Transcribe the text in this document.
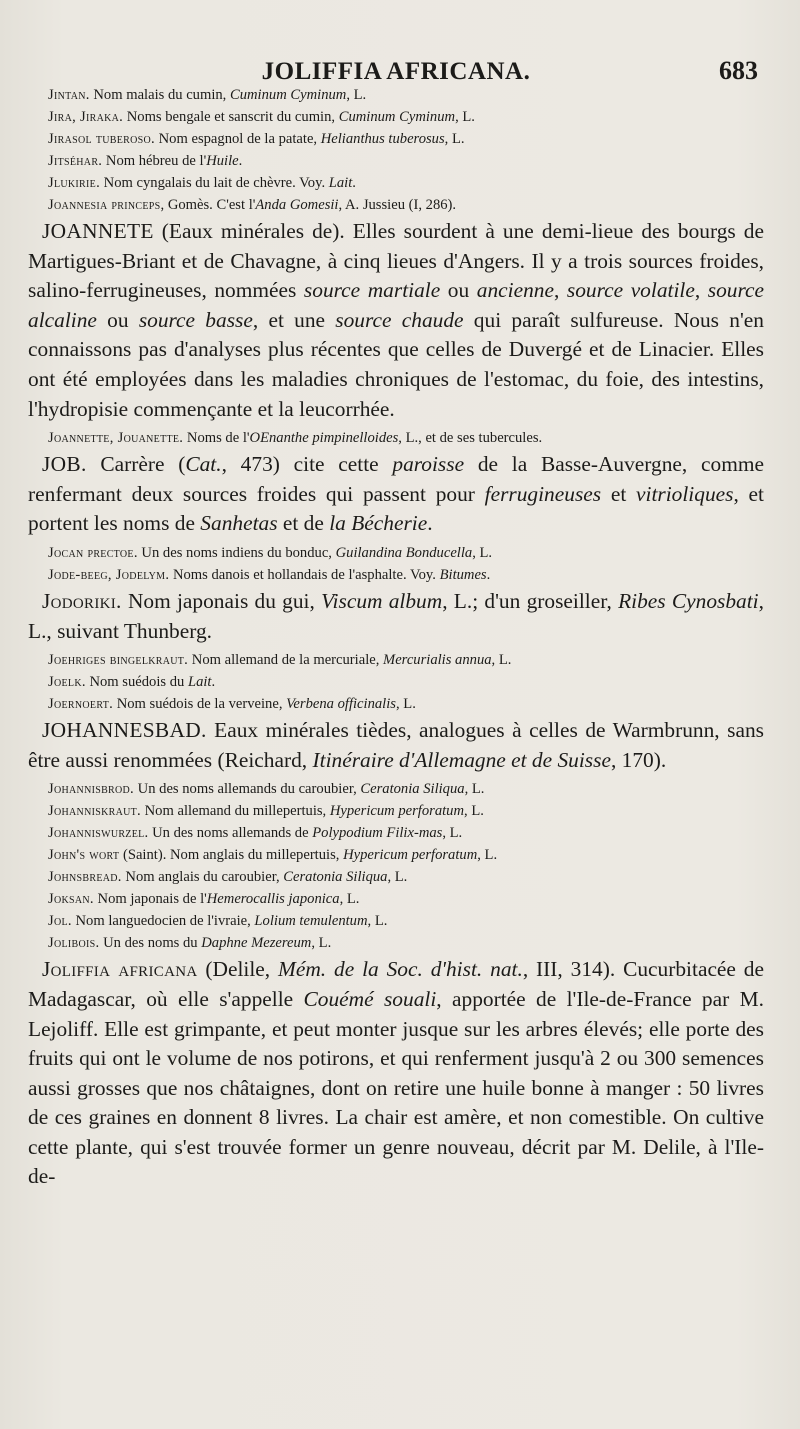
JOLIFFIA AFRICANA.	683
Jintan. Nom malais du cumin, Cuminum Cyminum, L.
Jira, Jiraka. Noms bengale et sanscrit du cumin, Cuminum Cyminum, L.
Jirasol tuberoso. Nom espagnol de la patate, Helianthus tuberosus, L.
Jitséhar. Nom hébreu de l'Huile.
Jlukirie. Nom cyngalais du lait de chèvre. Voy. Lait.
Joannesia princeps, Gomès. C'est l'Anda Gomesii, A. Jussieu (I, 286).
JOANNETE (Eaux minérales de). Elles sourdent à une demi-lieue des bourgs de Martigues-Briant et de Chavagne, à cinq lieues d'Angers. Il y a trois sources froides, salino-ferrugineuses, nommées source martiale ou ancienne, source volatile, source alcaline ou source basse, et une source chaude qui paraît sulfureuse. Nous n'en connaissons pas d'analyses plus récentes que celles de Duvergé et de Linacier. Elles ont été employées dans les maladies chroniques de l'estomac, du foie, des intestins, l'hydropisie commençante et la leucorrhée.
Joannette, Jouanette. Noms de l'OEnanthe pimpinelloides, L., et de ses tubercules.
JOB. Carrère (Cat., 473) cite cette paroisse de la Basse-Auvergne, comme renfermant deux sources froides qui passent pour ferrugineuses et vitrioliques, et portent les noms de Sanhetas et de la Bécherie.
Jocan prectoe. Un des noms indiens du bonduc, Guilandina Bonducella, L.
Jode-beeg, Jodelym. Noms danois et hollandais de l'asphalte. Voy. Bitumes.
Jodoriki. Nom japonais du gui, Viscum album, L.; d'un groseiller, Ribes Cynosbati, L., suivant Thunberg.
Joehriges bingelkraut. Nom allemand de la mercuriale, Mercurialis annua, L.
Joelk. Nom suédois du Lait.
Joernoert. Nom suédois de la verveine, Verbena officinalis, L.
JOHANNESBAD. Eaux minérales tièdes, analogues à celles de Warmbrunn, sans être aussi renommées (Reichard, Itinéraire d'Allemagne et de Suisse, 170).
Johannisbrod. Un des noms allemands du caroubier, Ceratonia Siliqua, L.
Johanniskraut. Nom allemand du millepertuis, Hypericum perforatum, L.
Johanniswurzel. Un des noms allemands de Polypodium Filix-mas, L.
John's wort (Saint). Nom anglais du millepertuis, Hypericum perforatum, L.
Johnsbread. Nom anglais du caroubier, Ceratonia Siliqua, L.
Joksan. Nom japonais de l'Hemerocallis japonica, L.
Jol. Nom languedocien de l'ivraie, Lolium temulentum, L.
Jolibois. Un des noms du Daphne Mezereum, L.
Joliffia africana (Delile, Mém. de la Soc. d'hist. nat., III, 314). Cucurbitacée de Madagascar, où elle s'appelle Couémé souali, apportée de l'Ile-de-France par M. Lejoliff. Elle est grimpante, et peut monter jusque sur les arbres élevés; elle porte des fruits qui ont le volume de nos potirons, et qui renferment jusqu'à 2 ou 300 semences aussi grosses que nos châtaignes, dont on retire une huile bonne à manger : 50 livres de ces graines en donnent 8 livres. La chair est amère, et non comestible. On cultive cette plante, qui s'est trouvée former un genre nouveau, décrit par M. Delile, à l'Ile-de-
